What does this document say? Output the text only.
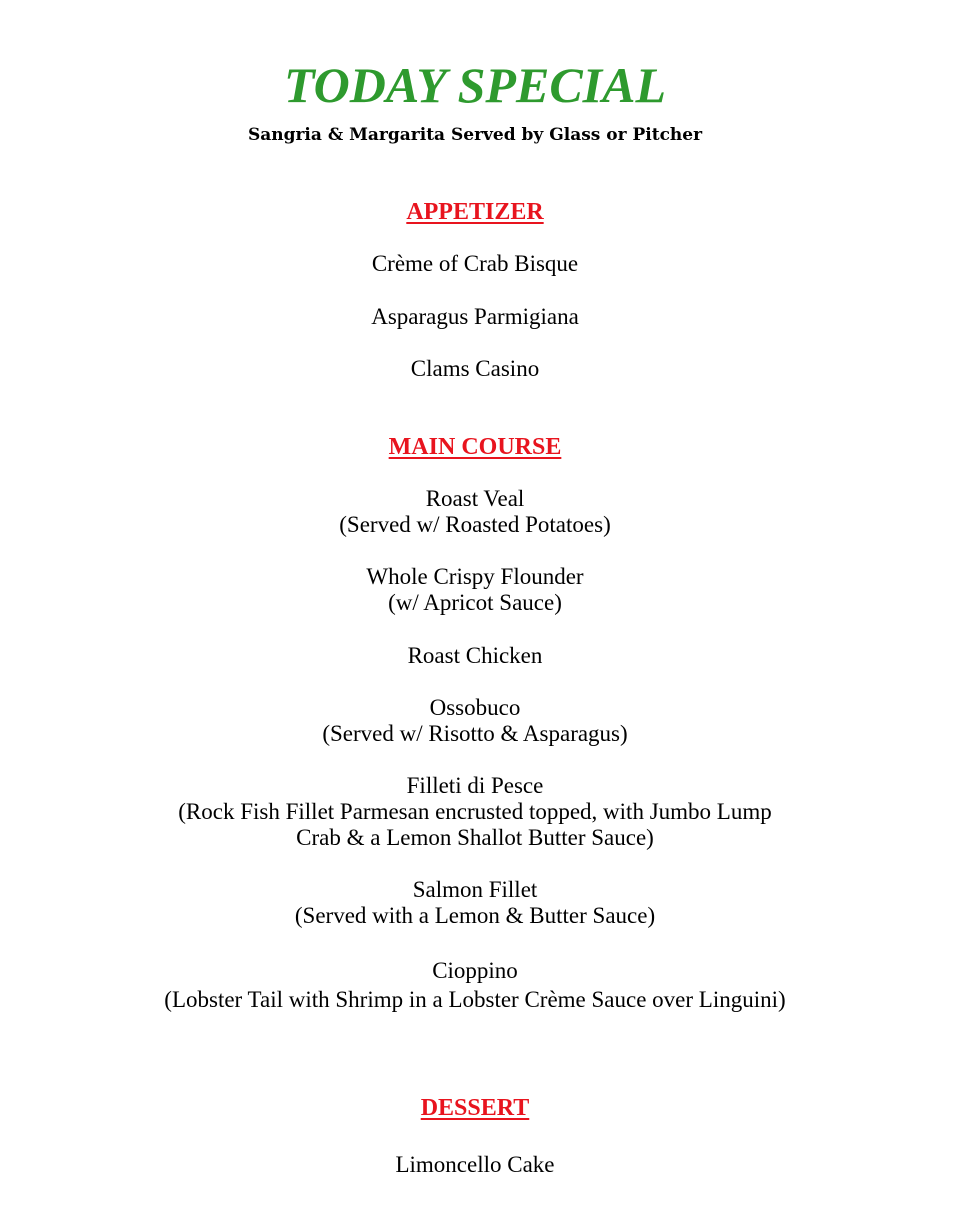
TODAY SPECIAL

Sangria & Margarita Served by Glass or Pitcher

APPETIZER

Crème of Crab Bisque

Asparagus Parmigiana

Clams Casino

MAIN COURSE
Roast Veal
(Served w/ Roasted Potatoes)
Whole Crispy Flounder
(w/ Apricot Sauce)
Roast Chicken
Ossobuco
(Served w/ Risotto & Asparagus)
Filleti di Pesce
(Rock Fish Fillet Parmesan encrusted topped, with Jumbo Lump
Crab & a Lemon Shallot Butter Sauce)
Salmon Fillet
(Served with a Lemon & Butter Sauce)
Cioppino
(Lobster Tail with Shrimp in a Lobster Crème Sauce over Linguini)
DESSERT

Limoncello Cake
